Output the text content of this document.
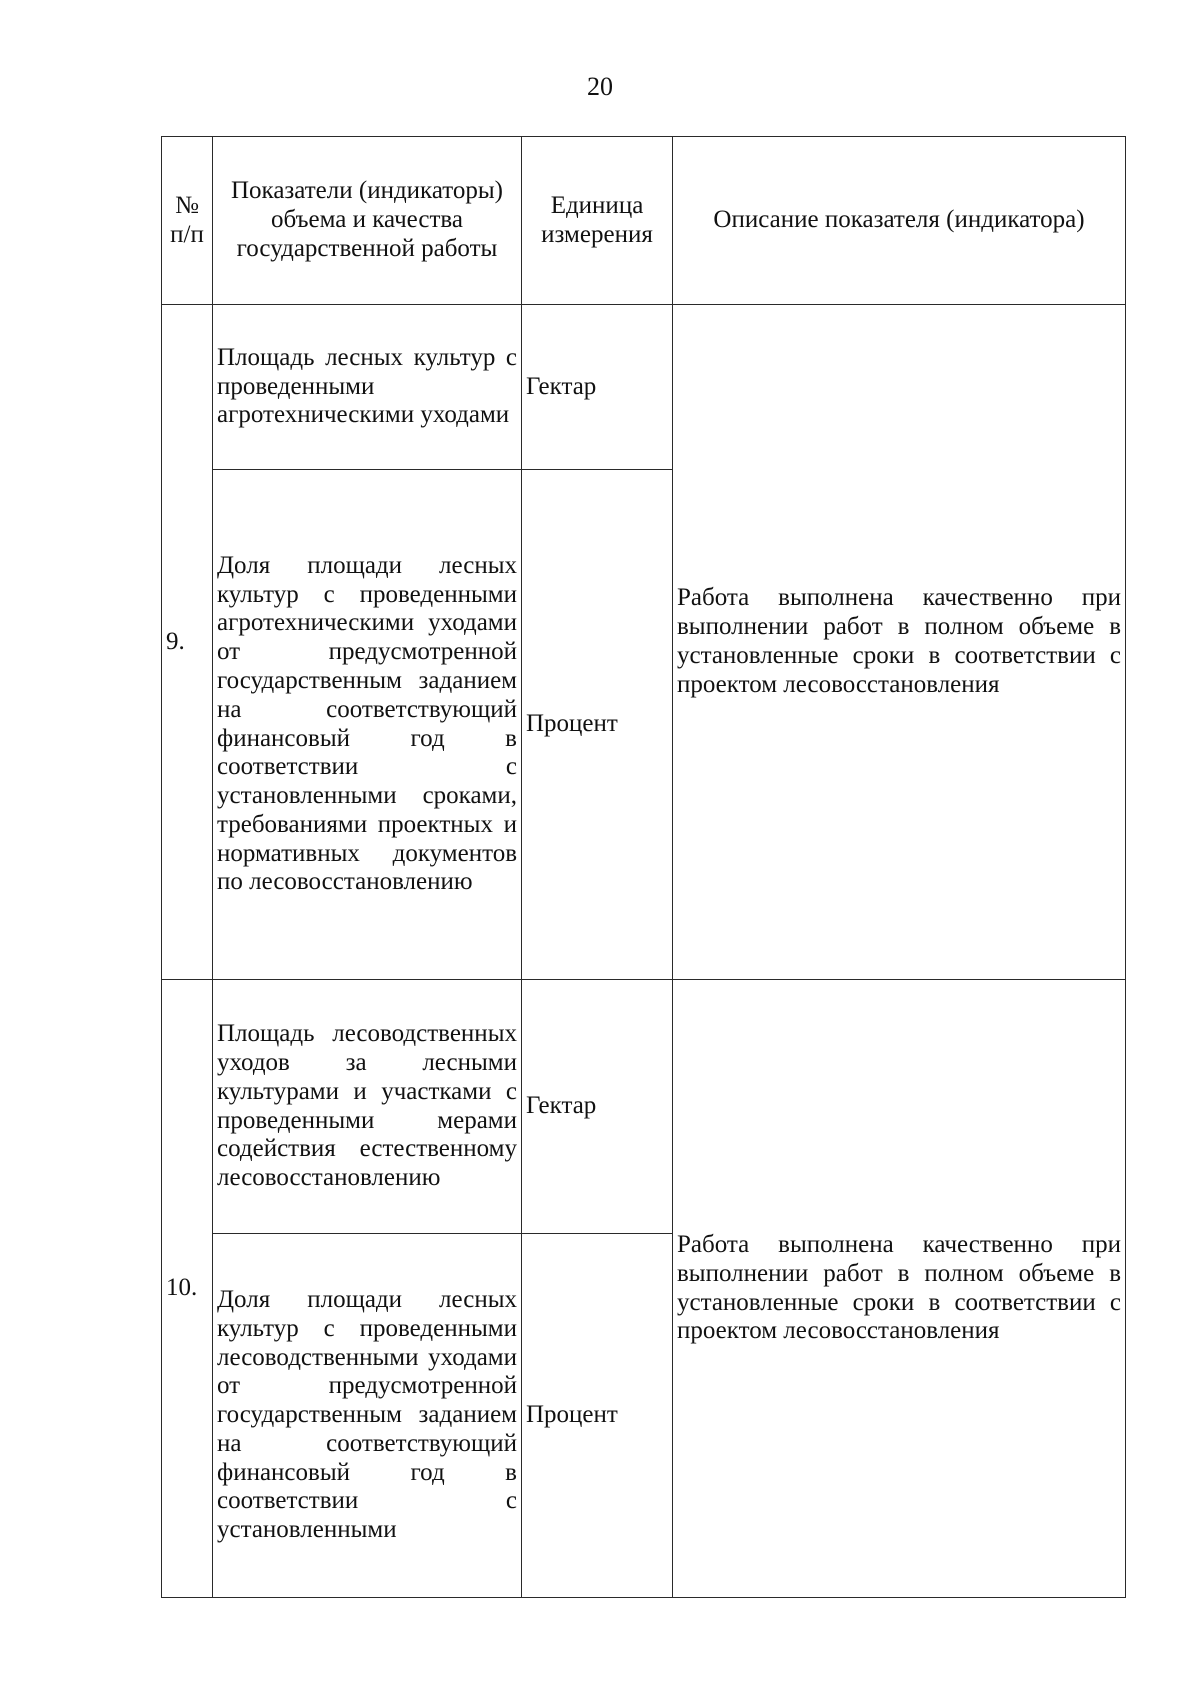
20
№ п/п	Показатели (индикаторы) объема и качества государственной работы	Единица измерения	Описание показателя (индикатора)
9.	Площадь лесных культур с проведенными агротехническими уходами	Гектар	Работа выполнена качественно при выполнении работ в полном объеме в установленные сроки в соответствии с проектом лесовосстановления
	Доля площади лесных культур с проведенными агротехническими уходами от предусмотренной государственным заданием на соответствующий финансовый год в соответствии с установленными сроками, требованиями проектных и нормативных документов по лесовосстановлению	Процент	
10.	Площадь лесоводственных уходов за лесными культурами и участками с проведенными мерами содействия естественному лесовосстановлению	Гектар	Работа выполнена качественно при выполнении работ в полном объеме в установленные сроки в соответствии с проектом лесовосстановления
	Доля площади лесных культур с проведенными лесоводственными уходами от предусмотренной государственным заданием на соответствующий финансовый год в соответствии с установленными	Процент	
